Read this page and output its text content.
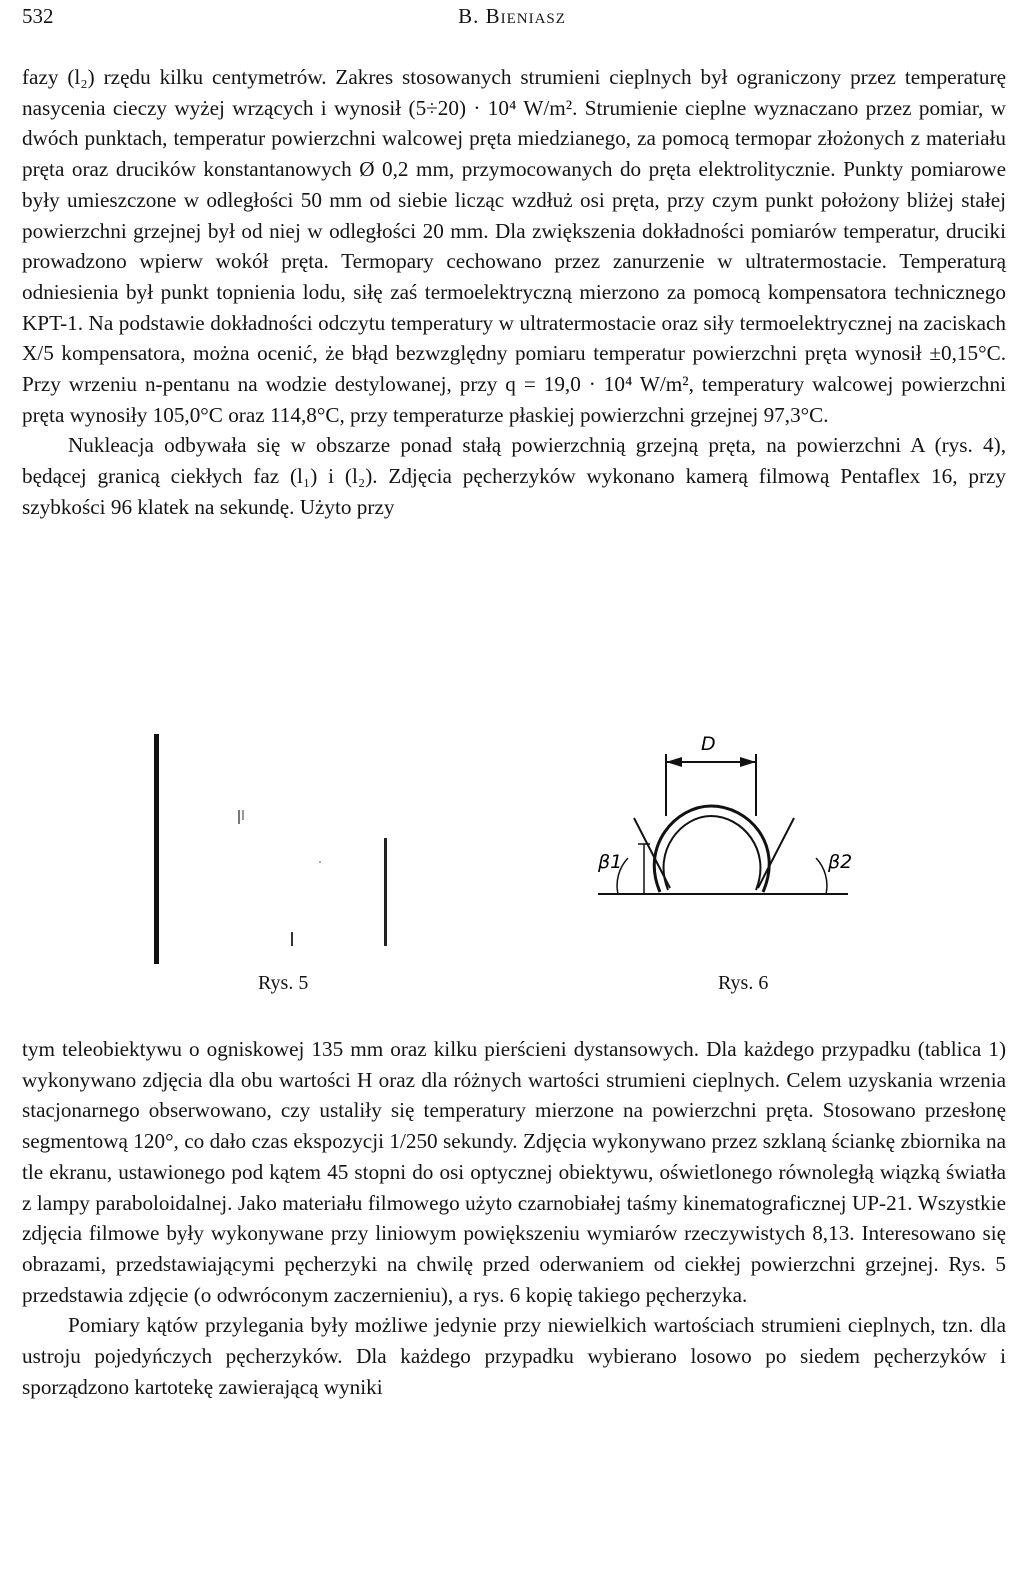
532	B. Bieniasz

fazy (l₂) rzędu kilku centymetrów. Zakres stosowanych strumieni cieplnych był ograniczony przez temperaturę nasycenia cieczy wyżej wrzących i wynosił (5÷20) · 10⁴ W/m². Strumienie cieplne wyznaczano przez pomiar, w dwóch punktach, temperatur powierzchni walcowej pręta miedzianego, za pomocą termopar złożonych z materiału pręta oraz drucików konstantanowych Ø 0,2 mm, przymocowanych do pręta elektrolitycznie. Punkty pomiarowe były umieszczone w odległości 50 mm od siebie licząc wzdłuż osi pręta, przy czym punkt położony bliżej stałej powierzchni grzejnej był od niej w odległości 20 mm. Dla zwiększenia dokładności pomiarów temperatur, druciki prowadzono wpierw wokół pręta. Termopary cechowano przez zanurzenie w ultratermostacie. Temperaturą odniesienia był punkt topnienia lodu, siłę zaś termoelektryczną mierzono za pomocą kompensatora technicznego KPT-1. Na podstawie dokładności odczytu temperatury w ultratermostacie oraz siły termoelektrycznej na zaciskach X/5 kompensatora, można ocenić, że błąd bezwzględny pomiaru temperatur powierzchni pręta wynosił ±0,15°C. Przy wrzeniu n-pentanu na wodzie destylowanej, przy q = 19,0 · 10⁴ W/m², temperatury walcowej powierzchni pręta wynosiły 105,0°C oraz 114,8°C, przy temperaturze płaskiej powierzchni grzejnej 97,3°C.

Nukleacja odbywała się w obszarze ponad stałą powierzchnią grzejną pręta, na powierzchni A (rys. 4), będącej granicą ciekłych faz (l₁) i (l₂). Zdjęcia pęcherzyków wykonano kamerą filmową Pentaflex 16, przy szybkości 96 klatek na sekundę. Użyto przy

D
β1	β2
Rys. 5	Rys. 6

tym teleobiektywu o ogniskowej 135 mm oraz kilku pierścieni dystansowych. Dla każdego przypadku (tablica 1) wykonywano zdjęcia dla obu wartości H oraz dla różnych wartości strumieni cieplnych. Celem uzyskania wrzenia stacjonarnego obserwowano, czy ustaliły się temperatury mierzone na powierzchni pręta. Stosowano przesłonę segmentową 120°, co dało czas ekspozycji 1/250 sekundy. Zdjęcia wykonywano przez szklaną ściankę zbiornika na tle ekranu, ustawionego pod kątem 45 stopni do osi optycznej obiektywu, oświetlonego równoległą wiązką światła z lampy paraboloidalnej. Jako materiału filmowego użyto czarnobiałej taśmy kinematograficznej UP-21. Wszystkie zdjęcia filmowe były wykonywane przy liniowym powiększeniu wymiarów rzeczywistych 8,13. Interesowano się obrazami, przedstawiającymi pęcherzyki na chwilę przed oderwaniem od ciekłej powierzchni grzejnej. Rys. 5 przedstawia zdjęcie (o odwróconym zaczernieniu), a rys. 6 kopię takiego pęcherzyka.

Pomiary kątów przylegania były możliwe jedynie przy niewielkich wartościach strumieni cieplnych, tzn. dla ustroju pojedyńczych pęcherzyków. Dla każdego przypadku wybierano losowo po siedem pęcherzyków i sporządzono kartotekę zawierającą wyniki
